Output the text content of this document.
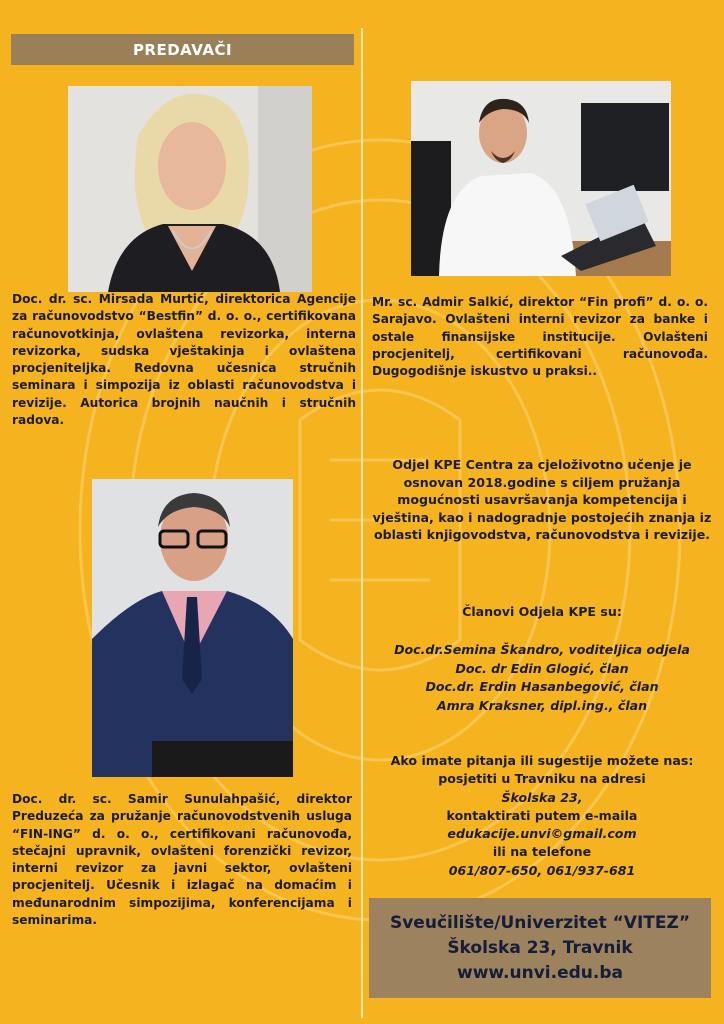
PREDAVAČI

Doc. dr. sc. Mirsada Murtić, direktorica Agencije za računovodstvo “Bestfin” d. o. o., certifikovana računovotkinja, ovlaštena revizorka, interna revizorka, sudska vještakinja i ovlaštena procjeniteljka. Redovna učesnica stručnih seminara i simpozija iz oblasti računovodstva i revizije. Autorica brojnih naučnih i stručnih radova.

Mr. sc. Admir Salkić, direktor “Fin profi” d. o. o. Sarajavo. Ovlašteni interni revizor za banke i ostale finansijske institucije. Ovlašteni procjenitelj, certifikovani računovođa. Dugogodišnje iskustvo u praksi..

Doc. dr. sc. Samir Sunulahpašić, direktor Preduzeća za pružanje računovodstvenih usluga “FIN-ING” d. o. o., certifikovani računovođa, stečajni upravnik, ovlašteni forenzički revizor, interni revizor za javni sektor, ovlašteni procjenitelj. Učesnik i izlagač na domaćim i međunarodnim simpozijima, konferencijama i seminarima.

Odjel KPE Centra za cjeloživotno učenje je osnovan 2018.godine s ciljem pružanja mogućnosti usavršavanja kompetencija i vještina, kao i nadogradnje postojećih znanja iz oblasti knjigovodstva, računovodstva i revizije.

Članovi Odjela KPE su:

Doc.dr.Semina Škandro, voditeljica odjela
Doc. dr Edin Glogić, član
Doc.dr. Erdin Hasanbegović, član
Amra Kraksner, dipl.ing., član
Ako imate pitanja ili sugestije možete nas:
posjetiti u Travniku na adresi
Školska 23,
kontaktirati putem e-maila
edukacije.unvi©gmail.com
ili na telefone
061/807-650, 061/937-681
Sveučilište/Univerzitet “VITEZ”
Školska 23, Travnik
www.unvi.edu.ba
